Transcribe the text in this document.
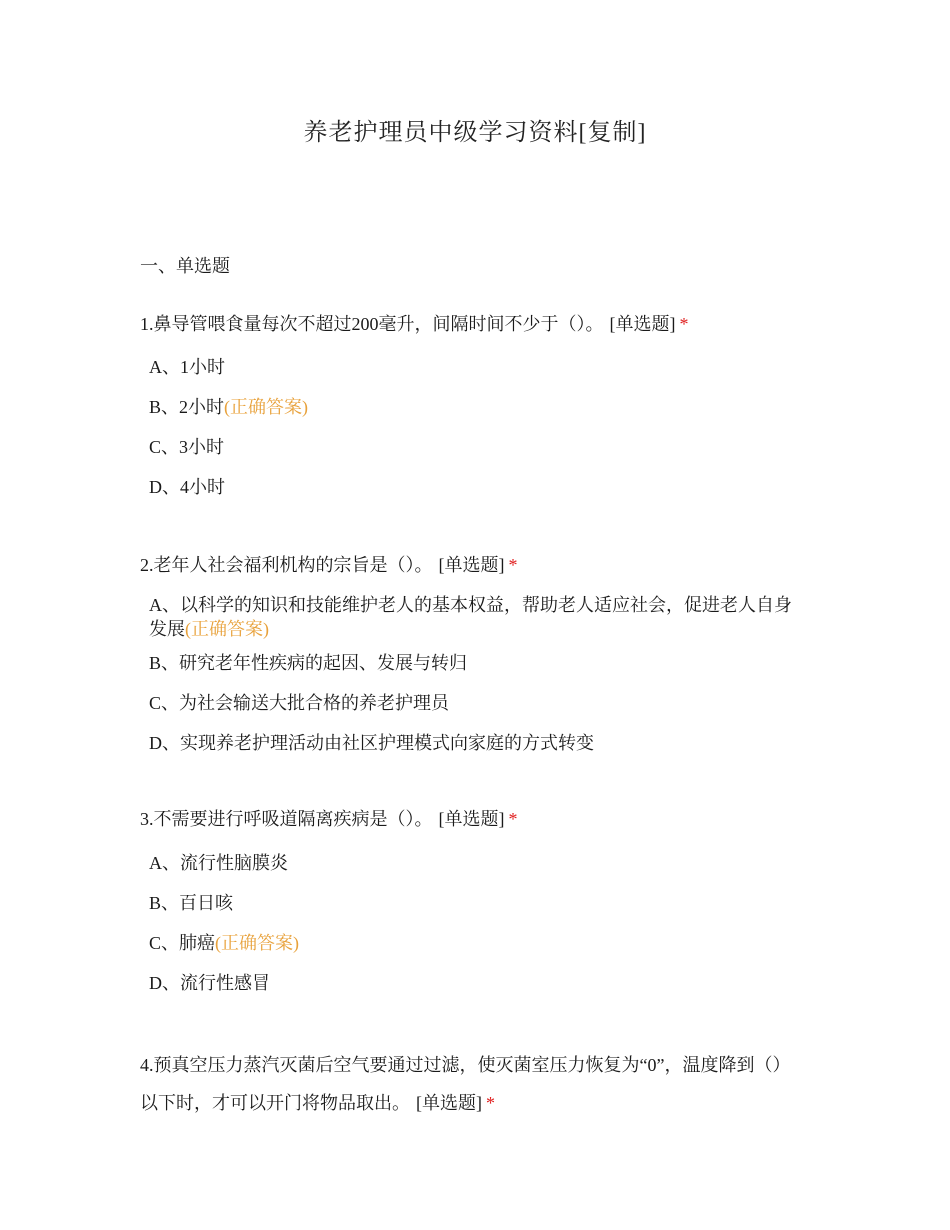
养老护理员中级学习资料[复制]
一、单选题

1.鼻导管喂食量每次不超过200毫升，间隔时间不少于（）。 [单选题] *

A、1小时
B、2小时(正确答案)
C、3小时
D、4小时

2.老年人社会福利机构的宗旨是（）。 [单选题] *

A、以科学的知识和技能维护老人的基本权益，帮助老人适应社会，促进老人自身发展(正确答案)
B、研究老年性疾病的起因、发展与转归
C、为社会输送大批合格的养老护理员
D、实现养老护理活动由社区护理模式向家庭的方式转变

3.不需要进行呼吸道隔离疾病是（）。 [单选题] *

A、流行性脑膜炎
B、百日咳
C、肺癌(正确答案)
D、流行性感冒

4.预真空压力蒸汽灭菌后空气要通过过滤，使灭菌室压力恢复为“0”，温度降到（）以下时，才可以开门将物品取出。 [单选题] *
